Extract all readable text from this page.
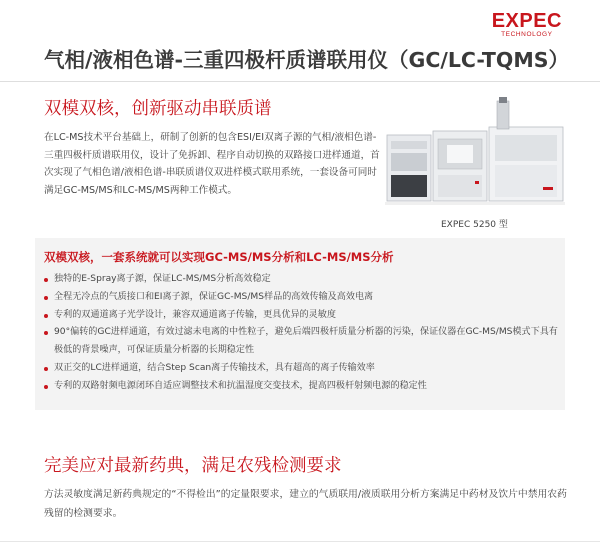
EXPEC
TECHNOLOGY
气相/液相色谱-三重四极杆质谱联用仪（GC/LC-TQMS）
双模双核，创新驱动串联质谱
在LC-MS技术平台基础上，研制了创新的包含ESI/EI双离子源的气相/液相色谱-三重四极杆质谱联用仪，设计了免拆卸、程序自动切换的双路接口进样通道，首次实现了气相色谱/液相色谱-串联质谱仪双进样模式联用系统，一套设备可同时满足GC-MS/MS和LC-MS/MS两种工作模式。
EXPEC 5250 型
双模双核，一套系统就可以实现GC-MS/MS分析和LC-MS/MS分析
独特的E-Spray离子源，保证LC-MS/MS分析高效稳定
全程无冷点的气质接口和EI离子源，保证GC-MS/MS样品的高效传输及高效电离
专利的双通道离子光学设计，兼容双通道离子传输，更具优异的灵敏度
90°偏转的GC进样通道，有效过滤未电离的中性粒子，避免后端四极杆质量分析器的污染，保证仪器在GC-MS/MS模式下具有极低的背景噪声，可保证质量分析器的长期稳定性
双正交的LC进样通道，结合Step Scan离子传输技术，具有超高的离子传输效率
专利的双路射频电源闭环自适应调整技术和抗温湿度交变技术，提高四极杆射频电源的稳定性
完美应对最新药典，满足农残检测要求
方法灵敏度满足新药典规定的“不得检出”的定量限要求，建立的气质联用/液质联用分析方案满足中药材及饮片中禁用农药残留的检测要求。
